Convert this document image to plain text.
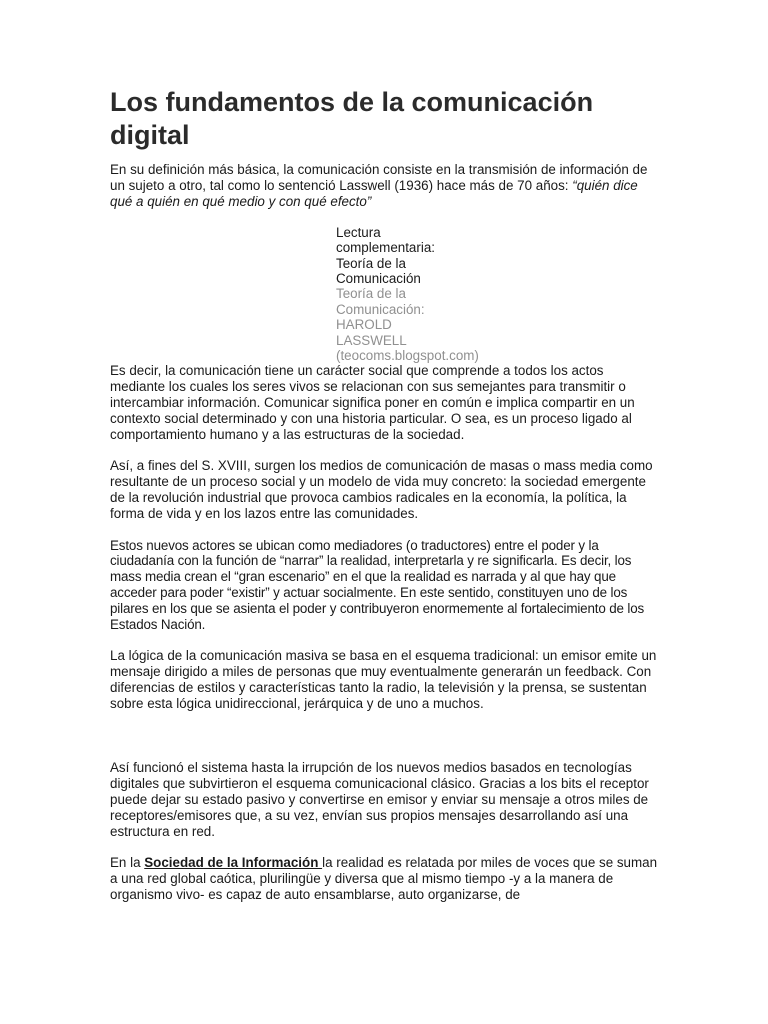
Los fundamentos de la comunicación digital

En su definición más básica, la comunicación consiste en la transmisión de información de un sujeto a otro, tal como lo sentenció Lasswell (1936) hace más de 70 años: “quién dice qué a quién en qué medio y con qué efecto”

Lectura complementaria: Teoría de la Comunicación
Teoría de la Comunicación: HAROLD LASSWELL (teocoms.blogspot.com)

Es decir, la comunicación tiene un carácter social que comprende a todos los actos mediante los cuales los seres vivos se relacionan con sus semejantes para transmitir o intercambiar información. Comunicar significa poner en común e implica compartir en un contexto social determinado y con una historia particular. O sea, es un proceso ligado al comportamiento humano y a las estructuras de la sociedad.

Así, a fines del S. XVIII, surgen los medios de comunicación de masas o mass media como resultante de un proceso social y un modelo de vida muy concreto: la sociedad emergente de la revolución industrial que provoca cambios radicales en la economía, la política, la forma de vida y en los lazos entre las comunidades.

Estos nuevos actores se ubican como mediadores (o traductores) entre el poder y la ciudadanía con la función de “narrar” la realidad, interpretarla y re significarla. Es decir, los mass media crean el “gran escenario” en el que la realidad es narrada y al que hay que acceder para poder “existir” y actuar socialmente. En este sentido, constituyen uno de los pilares en los que se asienta el poder y contribuyeron enormemente al fortalecimiento de los Estados Nación.

La lógica de la comunicación masiva se basa en el esquema tradicional: un emisor emite un mensaje dirigido a miles de personas que muy eventualmente generarán un feedback. Con diferencias de estilos y características tanto la radio, la televisión y la prensa, se sustentan sobre esta lógica unidireccional, jerárquica y de uno a muchos.

Así funcionó el sistema hasta la irrupción de los nuevos medios basados en tecnologías digitales que subvirtieron el esquema comunicacional clásico. Gracias a los bits el receptor puede dejar su estado pasivo y convertirse en emisor y enviar su mensaje a otros miles de receptores/emisores que, a su vez, envían sus propios mensajes desarrollando así una estructura en red.

En la Sociedad de la Información la realidad es relatada por miles de voces que se suman a una red global caótica, plurilingüe y diversa que al mismo tiempo -y a la manera de organismo vivo- es capaz de auto ensamblarse, auto organizarse, de
